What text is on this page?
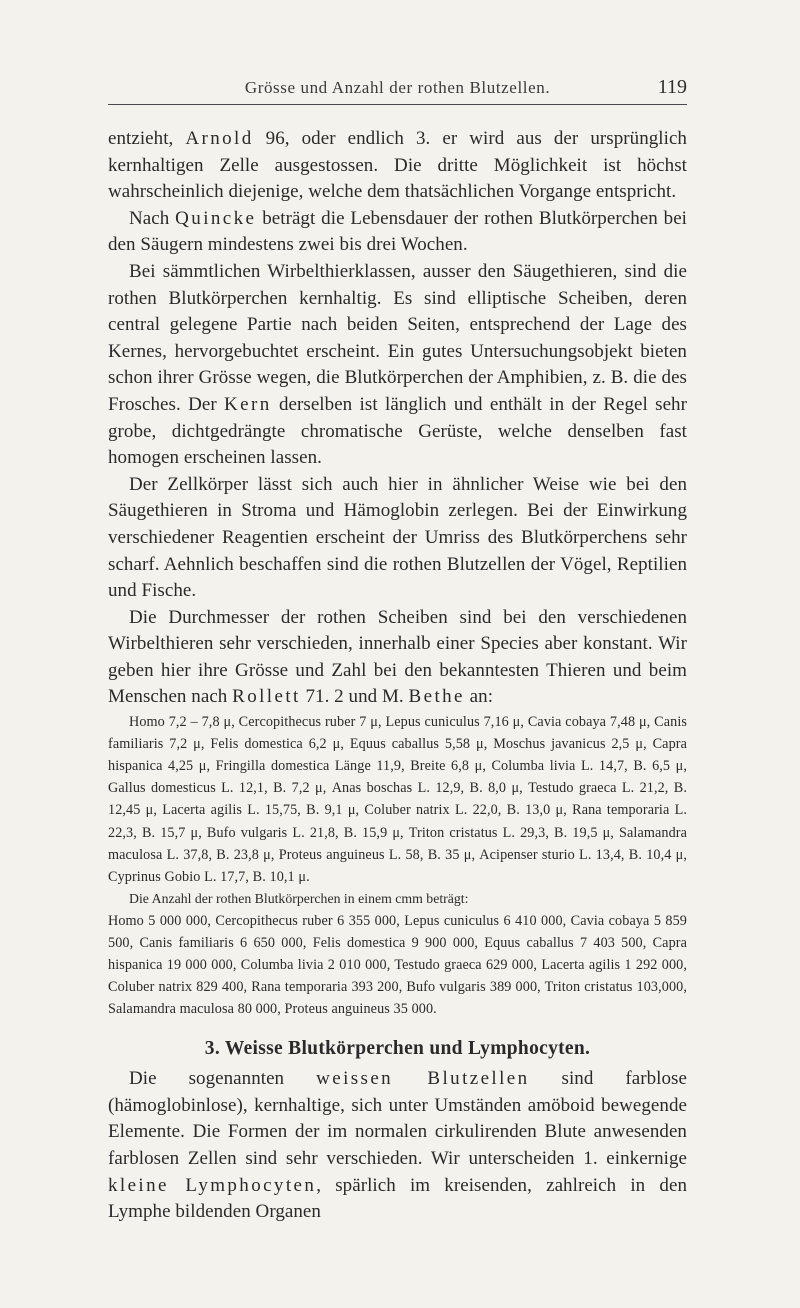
Grösse und Anzahl der rothen Blutzellen.	119

entzieht, Arnold 96, oder endlich 3. er wird aus der ursprünglich kernhaltigen Zelle ausgestossen. Die dritte Möglichkeit ist höchst wahrscheinlich diejenige, welche dem thatsächlichen Vorgange entspricht.

Nach Quincke beträgt die Lebensdauer der rothen Blutkörperchen bei den Säugern mindestens zwei bis drei Wochen.

Bei sämmtlichen Wirbelthierklassen, ausser den Säugethieren, sind die rothen Blutkörperchen kernhaltig. Es sind elliptische Scheiben, deren central gelegene Partie nach beiden Seiten, entsprechend der Lage des Kernes, hervorgebuchtet erscheint. Ein gutes Untersuchungsobjekt bieten schon ihrer Grösse wegen, die Blutkörperchen der Amphibien, z. B. die des Frosches. Der Kern derselben ist länglich und enthält in der Regel sehr grobe, dichtgedrängte chromatische Gerüste, welche denselben fast homogen erscheinen lassen.

Der Zellkörper lässt sich auch hier in ähnlicher Weise wie bei den Säugethieren in Stroma und Hämoglobin zerlegen. Bei der Einwirkung verschiedener Reagentien erscheint der Umriss des Blutkörperchens sehr scharf. Aehnlich beschaffen sind die rothen Blutzellen der Vögel, Reptilien und Fische.

Die Durchmesser der rothen Scheiben sind bei den verschiedenen Wirbelthieren sehr verschieden, innerhalb einer Species aber konstant. Wir geben hier ihre Grösse und Zahl bei den bekanntesten Thieren und beim Menschen nach Rollett 71. 2 und M. Bethe an:

Homo 7,2 – 7,8 μ, Cercopithecus ruber 7 μ, Lepus cuniculus 7,16 μ, Cavia cobaya 7,48 μ, Canis familiaris 7,2 μ, Felis domestica 6,2 μ, Equus caballus 5,58 μ, Moschus javanicus 2,5 μ, Capra hispanica 4,25 μ, Fringilla domestica Länge 11,9, Breite 6,8 μ, Columba livia L. 14,7, B. 6,5 μ, Gallus domesticus L. 12,1, B. 7,2 μ, Anas boschas L. 12,9, B. 8,0 μ, Testudo graeca L. 21,2, B. 12,45 μ, Lacerta agilis L. 15,75, B. 9,1 μ, Coluber natrix L. 22,0, B. 13,0 μ, Rana temporaria L. 22,3, B. 15,7 μ, Bufo vulgaris L. 21,8, B. 15,9 μ, Triton cristatus L. 29,3, B. 19,5 μ, Salamandra maculosa L. 37,8, B. 23,8 μ, Proteus anguineus L. 58, B. 35 μ, Acipenser sturio L. 13,4, B. 10,4 μ, Cyprinus Gobio L. 17,7, B. 10,1 μ.

Die Anzahl der rothen Blutkörperchen in einem cmm beträgt:

Homo 5 000 000, Cercopithecus ruber 6 355 000, Lepus cuniculus 6 410 000, Cavia cobaya 5 859 500, Canis familiaris 6 650 000, Felis domestica 9 900 000, Equus caballus 7 403 500, Capra hispanica 19 000 000, Columba livia 2 010 000, Testudo graeca 629 000, Lacerta agilis 1 292 000, Coluber natrix 829 400, Rana temporaria 393 200, Bufo vulgaris 389 000, Triton cristatus 103,000, Salamandra maculosa 80 000, Proteus anguineus 35 000.

3. Weisse Blutkörperchen und Lymphocyten.

Die sogenannten weissen Blutzellen sind farblose (hämoglobinlose), kernhaltige, sich unter Umständen amöboid bewegende Elemente. Die Formen der im normalen cirkulirenden Blute anwesenden farblosen Zellen sind sehr verschieden. Wir unterscheiden 1. einkernige kleine Lymphocyten, spärlich im kreisenden, zahlreich in den Lymphe bildenden Organen
